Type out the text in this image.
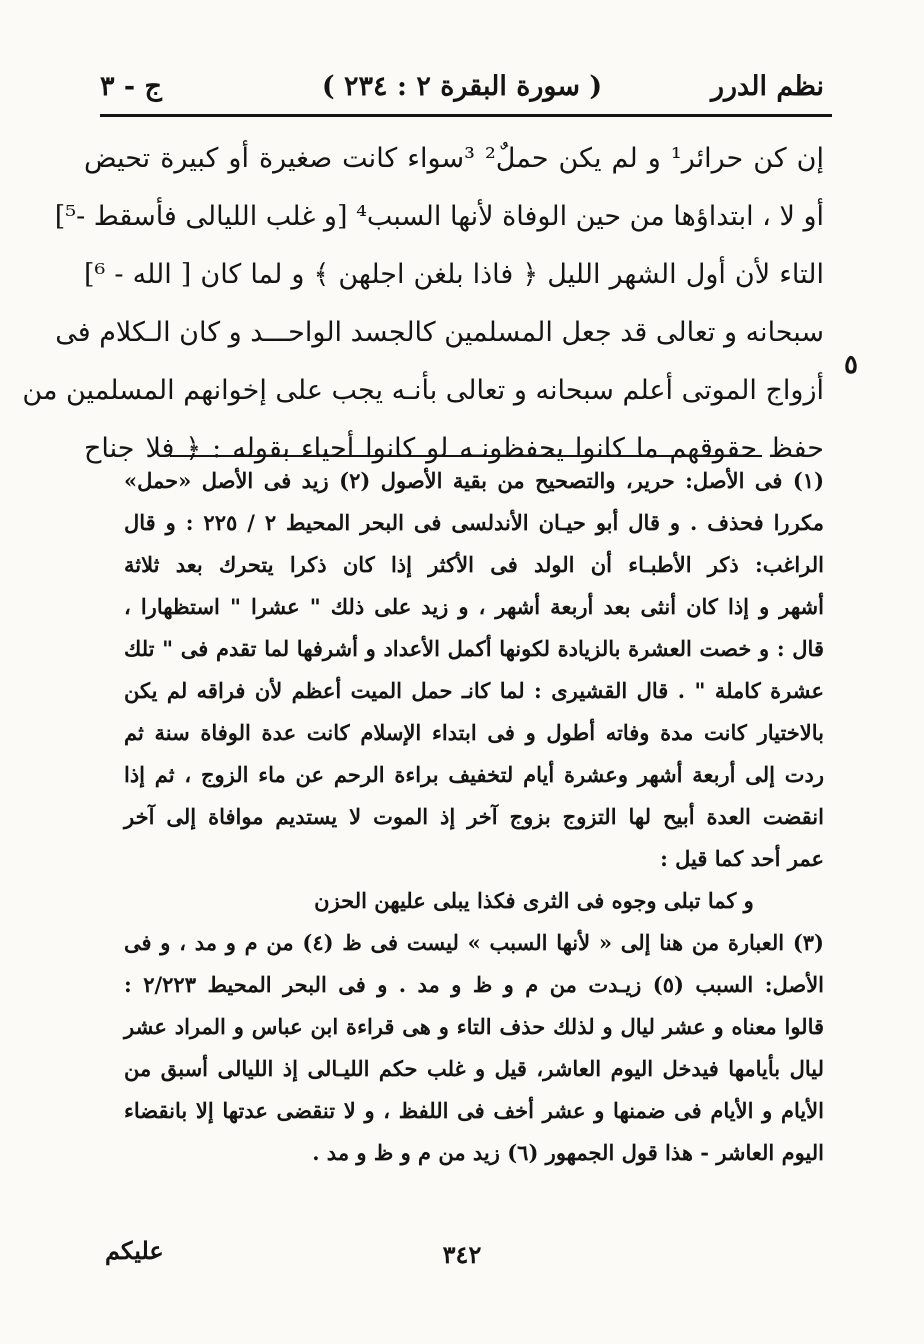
نظم الدرر
( سورة البقرة ٢ : ٢٣٤ )
ج - ٣
إن كن حرائر¹ و لم يكن حملٌ² ³سواء كانت صغيرة أو كبيرة تحيض
أو لا ، ابتداؤها من حين الوفاة لأنها السبب⁴ [و غلب الليالى فأسقط -⁵]
التاء لأن أول الشهر الليل ﴿ فاذا بلغن اجلهن ﴾ و لما كان [ الله - ⁶]
سبحانه و تعالى قد جعل المسلمين كالجسد الواحـــد و كان الـكلام فى
أزواج الموتى أعلم سبحانه و تعالى بأنـه يجب على إخوانهم المسلمين من
حفظ حقوقهم ما كانوا يحفظونـه لو كانوا أحياء بقوله : ﴿ فلا جناح
٥
(١) فى الأصل: حرير، والتصحيح من بقية الأصول (٢) زيد فى الأصل «حمل»
مكررا فحذف . و قال أبو حيـان الأندلسى فى البحر المحيط ٢ / ٢٢٥ : و قال
الراغب: ذكر الأطبـاء أن الولد فى الأكثر إذا كان ذكرا يتحرك بعد ثلاثة
أشهر و إذا كان أنثى بعد أربعة أشهر ، و زيد على ذلك " عشرا " استظهارا ،
قال : و خصت العشرة بالزيادة لكونها أكمل الأعداد و أشرفها لما تقدم فى " تلك
عشرة كاملة " . قال القشيرى : لما كانـ حمل الميت أعظم لأن فراقه لم يكن
بالاختيار كانت مدة وفاته أطول و فى ابتداء الإسلام كانت عدة الوفاة سنة ثم
ردت إلى أربعة أشهر وعشرة أيام لتخفيف براءة الرحم عن ماء الزوج ، ثم إذا
انقضت العدة أبيح لها التزوج بزوج آخر إذ الموت لا يستديم موافاة إلى آخر
عمر أحد كما قيل :
و كما تبلى وجوه فى الثرى فكذا يبلى عليهن الحزن
(٣) العبارة من هنا إلى « لأنها السبب » ليست فى ظ (٤) من م و مد ، و فى
الأصل: السبب (٥) زيـدت من م و ظ و مد . و فى البحر المحيط ٢/٢٢٣ :
قالوا معناه و عشر ليال و لذلك حذف التاء و هى قراءة ابن عباس و المراد عشر
ليال بأيامها فيدخل اليوم العاشر، قيل و غلب حكم الليـالى إذ الليالى أسبق من
الأيام و الأيام فى ضمنها و عشر أخف فى اللفظ ، و لا تنقضى عدتها إلا بانقضاء
اليوم العاشر - هذا قول الجمهور (٦) زيد من م و ظ و مد .
٣٤٢
عليكم
